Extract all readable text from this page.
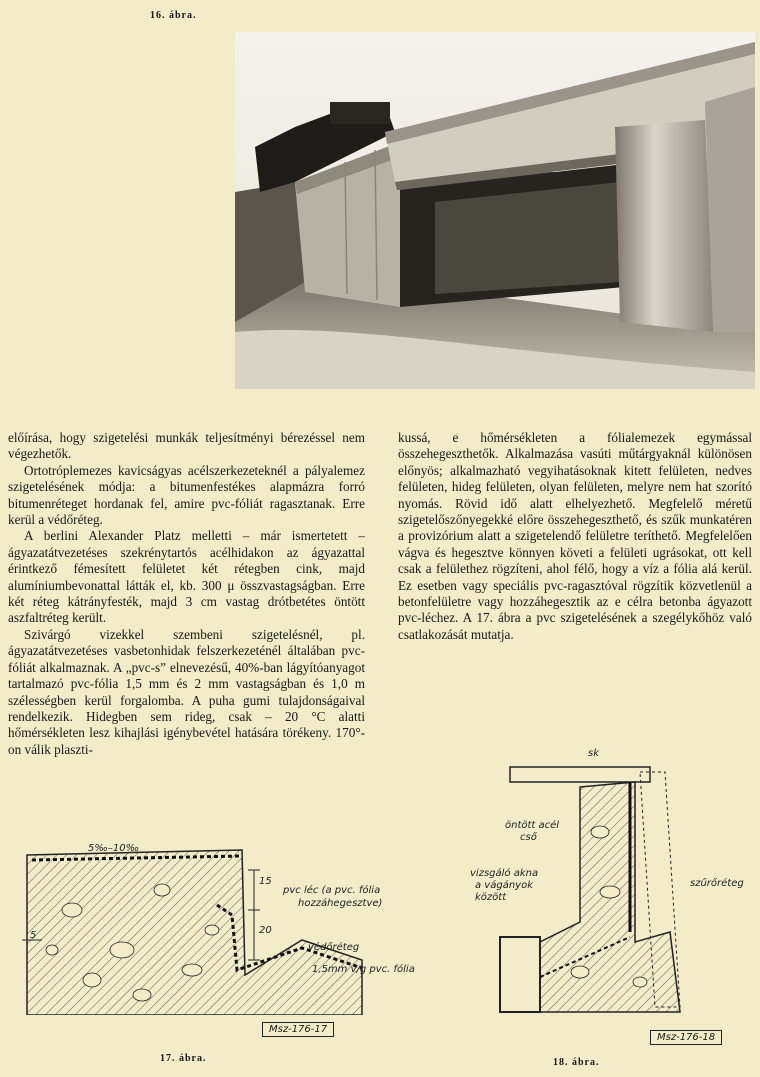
16. ábra.

előírása, hogy szigetelési munkák teljesítményi bérezéssel nem végezhetők.

Ortotróplemezes kavicságyas acélszerkezeteknél a pályalemez szigetelésének módja: a bitumenfestékes alapmázra forró bitumenréteget hordanak fel, amire pvc-fóliát ragasztanak. Erre kerül a védőréteg.

A berlini Alexander Platz melletti – már ismertetett – ágyazatátvezetéses szekrénytartós acélhidakon az ágyazattal érintkező fémesített felületet két rétegben cink, majd alumíniumbevonattal látták el, kb. 300 μ összvastagságban. Erre két réteg kátrányfesték, majd 3 cm vastag drótbetétes öntött aszfaltréteg került.

Szivárgó vizekkel szembeni szigetelésnél, pl. ágyazatátvezetéses vasbetonhidak felszerkezeténél általában pvc-fóliát alkalmaznak. A „pvc-s” elnevezésű, 40%-ban lágyítóanyagot tartalmazó pvc-fólia 1,5 mm és 2 mm vastagságban és 1,0 m szélességben kerül forgalomba. A puha gumi tulajdonságaival rendelkezik. Hidegben sem rideg, csak – 20 °C alatti hőmérsékleten lesz kihajlási igénybevétel hatására törékeny. 170°-on válik plaszti-

kussá, e hőmérsékleten a fólialemezek egymással összehegeszthetők. Alkalmazása vasúti műtárgyaknál különösen előnyös; alkalmazható vegyihatásoknak kitett felületen, nedves felületen, hideg felületen, olyan felületen, melyre nem hat szorító nyomás. Rövid idő alatt elhelyezhető. Megfelelő méretű szigetelőszőnyegekké előre összehegeszthető, és szűk munkatéren a provizórium alatt a szigetelendő felületre teríthető. Megfelelően vágva és hegesztve könnyen követi a felületi ugrásokat, ott kell csak a felülethez rögzíteni, ahol félő, hogy a víz a fólia alá kerül. Ez esetben vagy speciális pvc-ragasztóval rögzítik közvetlenül a betonfelületre vagy hozzáhegesztik az e célra betonba ágyazott pvc-léchez. A 17. ábra a pvc szigetelésének a szegélykőhöz való csatlakozását mutatja.

5‰–10‰
15
20
5
pvc léc (a pvc. fólia
hozzáhegesztve)
védőréteg
1,5mm v/g pvc. fólia
Msz-176-17
17. ábra.
sk
öntött acél
cső
vizsgáló akna
a vágányok
között
szűrőréteg
Msz-176-18
18. ábra.
